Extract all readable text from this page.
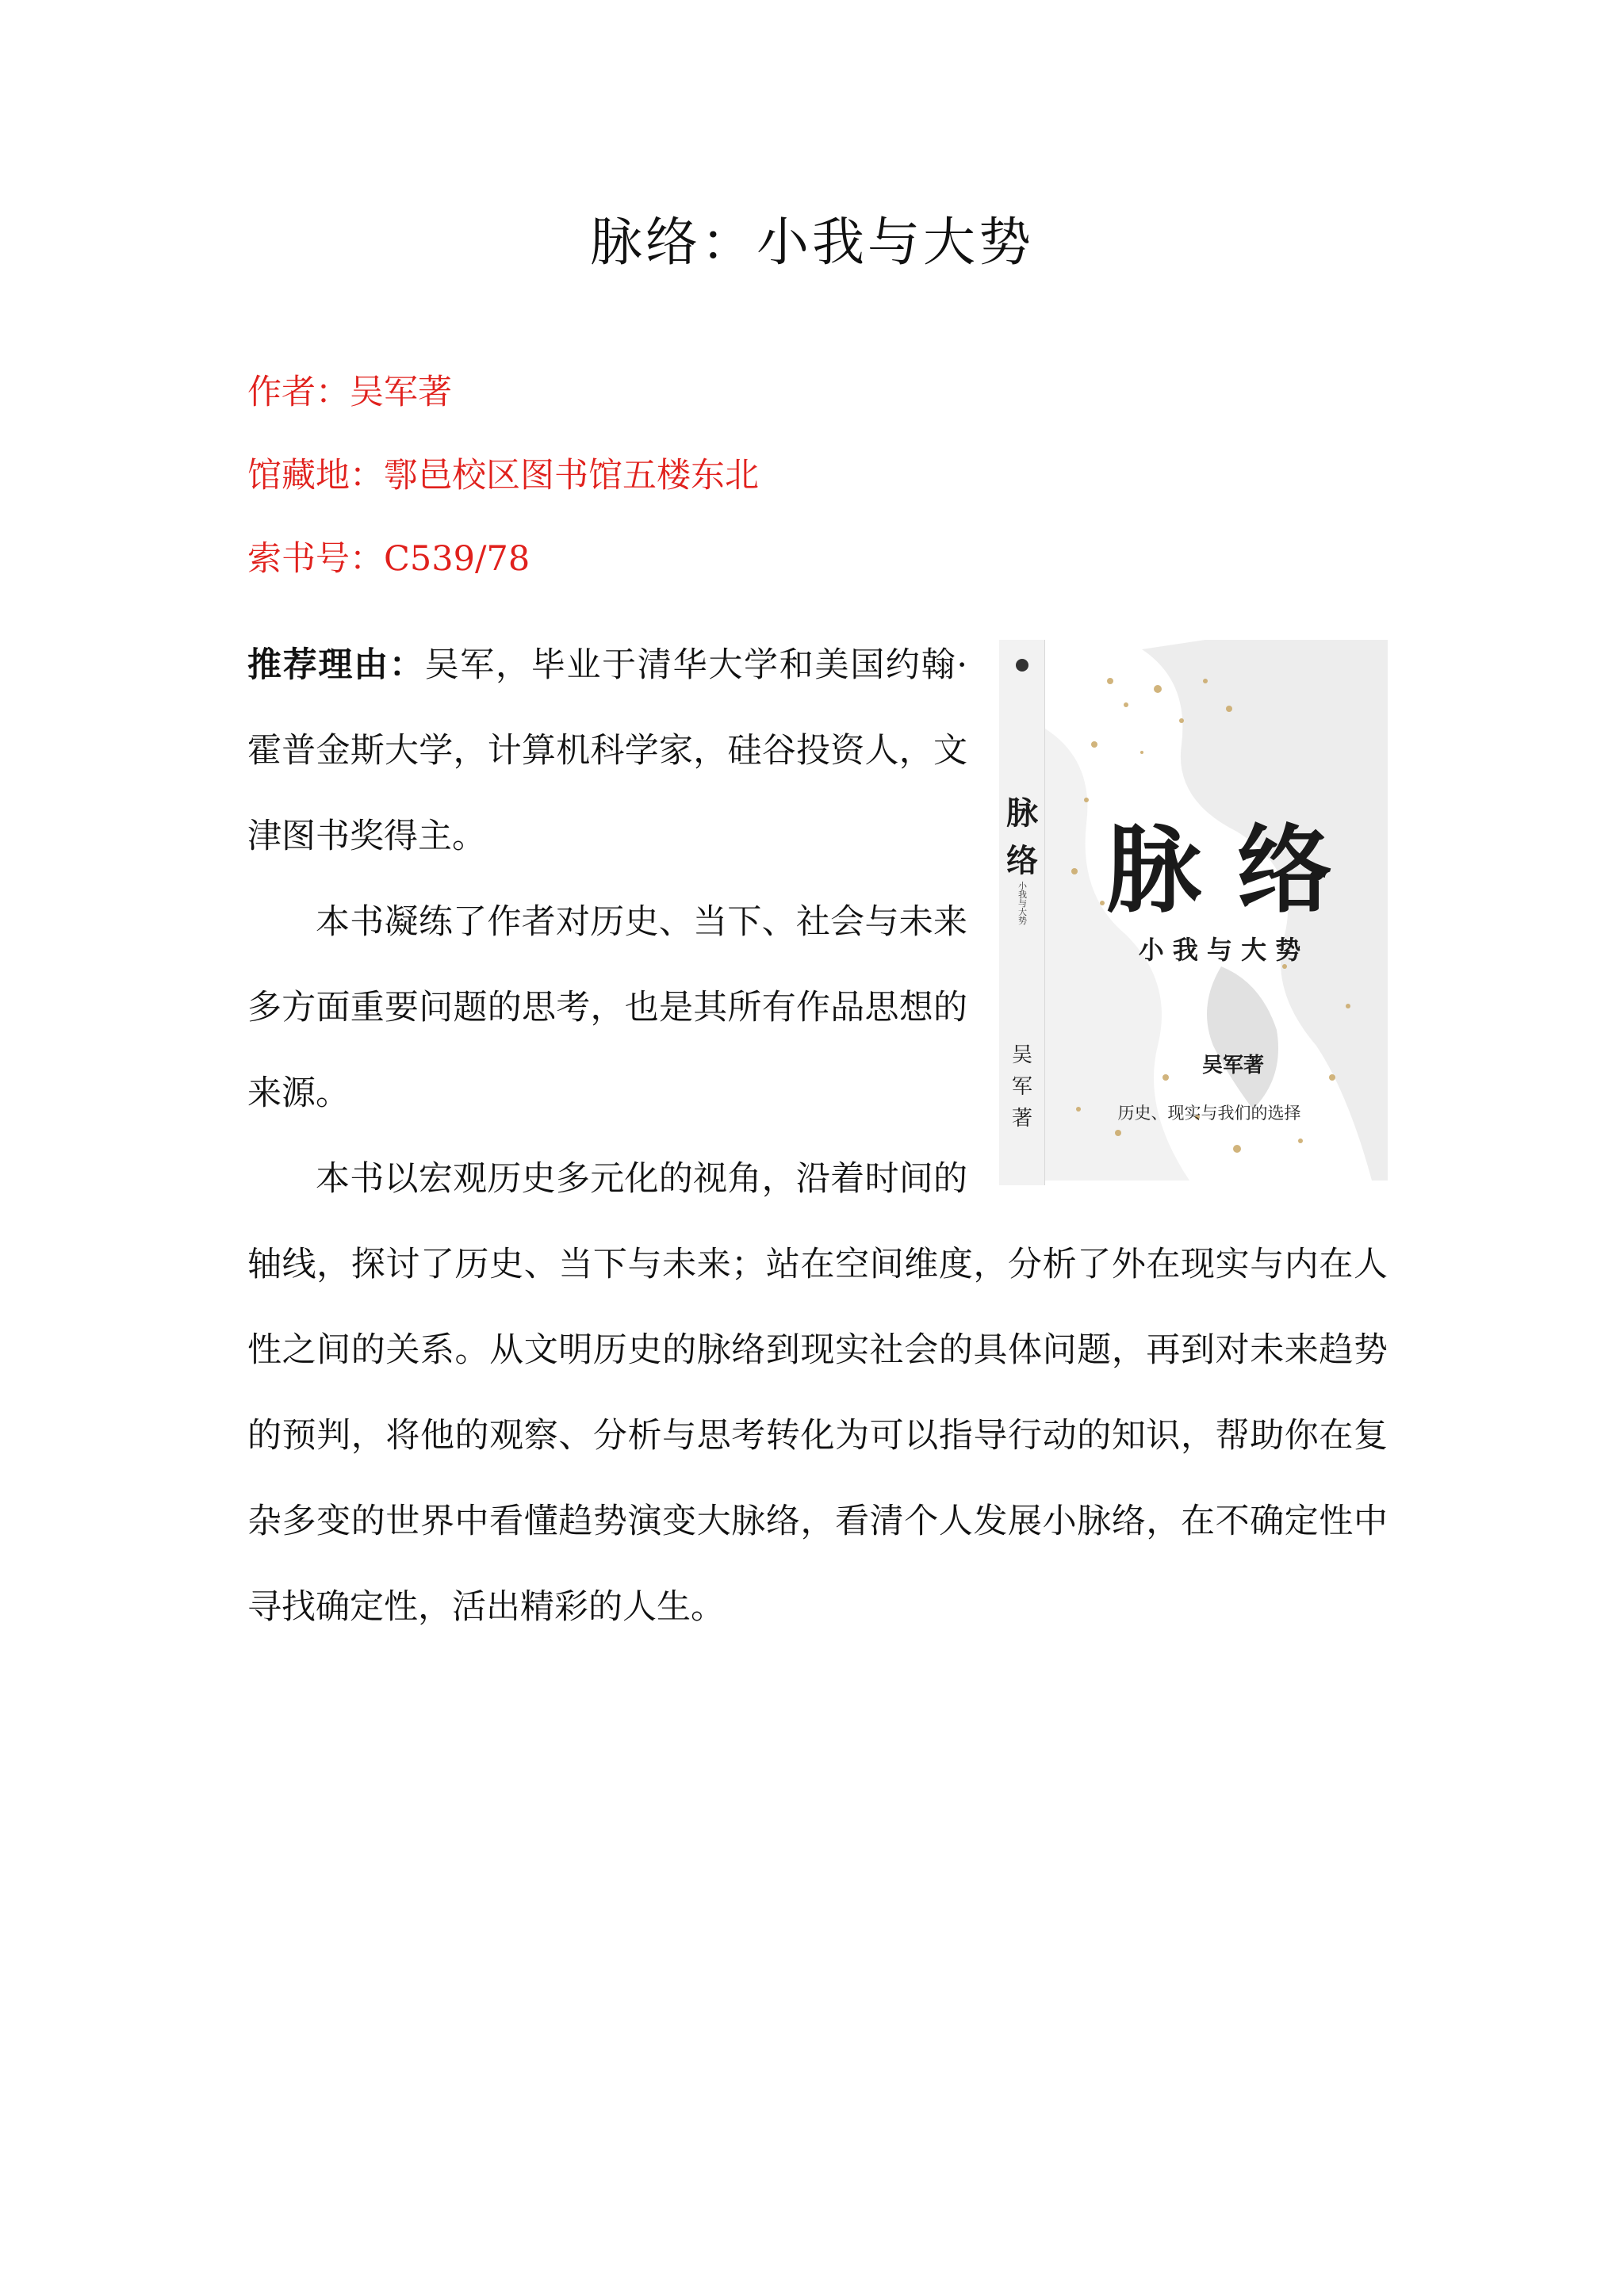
脉络：小我与大势
作者：吴军著
馆藏地：鄠邑校区图书馆五楼东北
索书号：C539/78
脉
络
小我与大势
吴
军
著
脉 络
小 我 与 大 势
吴军著
历史、现实与我们的选择

推荐理由：吴军，毕业于清华大学和美国约翰·霍普金斯大学，计算机科学家，硅谷投资人，文津图书奖得主。

本书凝练了作者对历史、当下、社会与未来多方面重要问题的思考，也是其所有作品思想的来源。

本书以宏观历史多元化的视角，沿着时间的轴线，探讨了历史、当下与未来；站在空间维度，分析了外在现实与内在人性之间的关系。从文明历史的脉络到现实社会的具体问题，再到对未来趋势的预判，将他的观察、分析与思考转化为可以指导行动的知识，帮助你在复杂多变的世界中看懂趋势演变大脉络，看清个人发展小脉络，在不确定性中寻找确定性，活出精彩的人生。
